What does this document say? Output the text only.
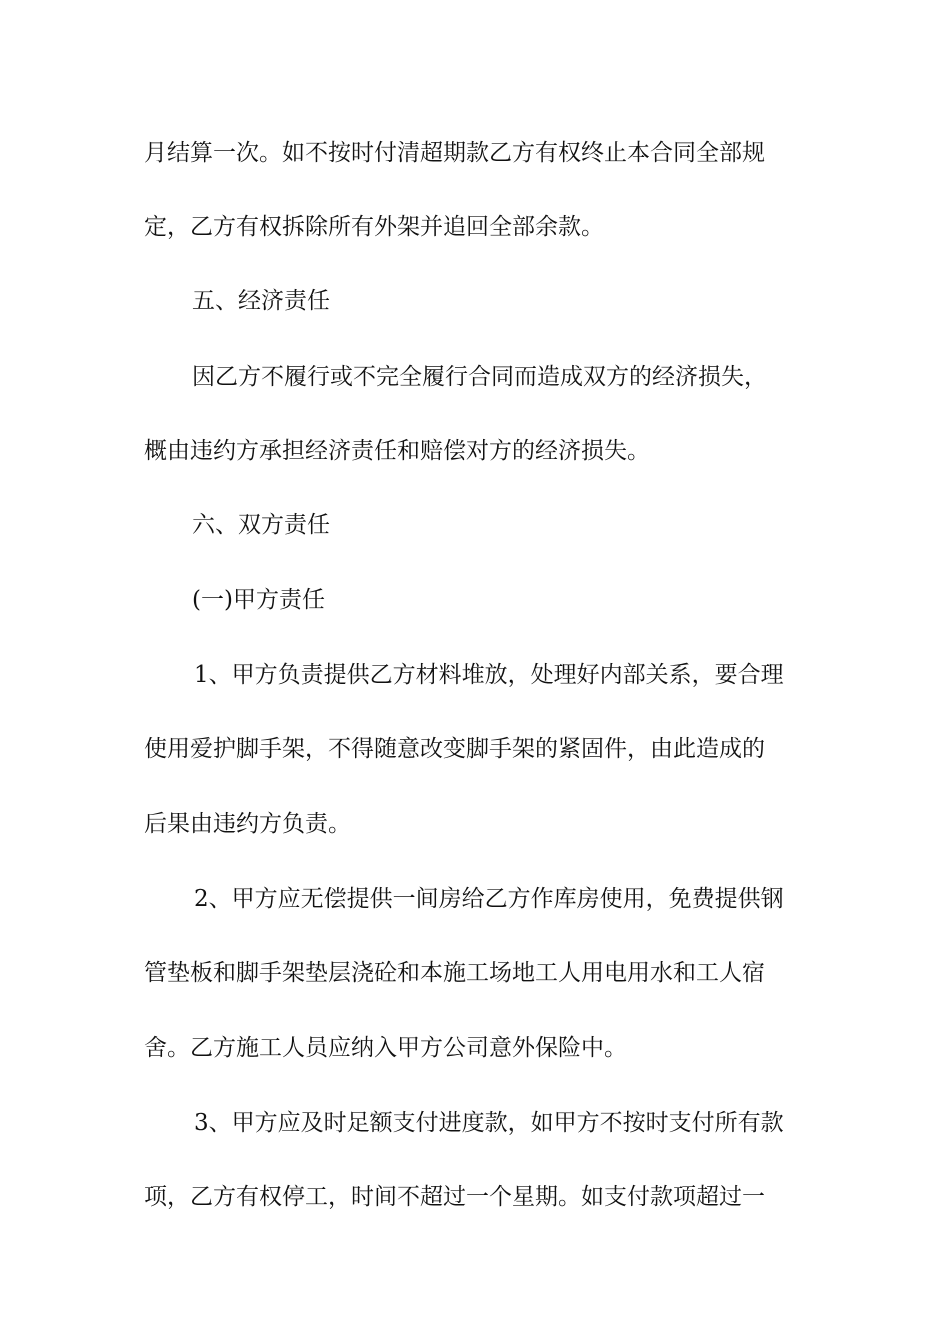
月结算一次。如不按时付清超期款乙方有权终止本合同全部规
定，乙方有权拆除所有外架并追回全部余款。
五、经济责任
因乙方不履行或不完全履行合同而造成双方的经济损失，
概由违约方承担经济责任和赔偿对方的经济损失。
六、双方责任
(一)甲方责任
1、甲方负责提供乙方材料堆放，处理好内部关系，要合理
使用爱护脚手架，不得随意改变脚手架的紧固件，由此造成的
后果由违约方负责。
2、甲方应无偿提供一间房给乙方作库房使用，免费提供钢
管垫板和脚手架垫层浇砼和本施工场地工人用电用水和工人宿
舍。乙方施工人员应纳入甲方公司意外保险中。
3、甲方应及时足额支付进度款，如甲方不按时支付所有款
项，乙方有权停工，时间不超过一个星期。如支付款项超过一
